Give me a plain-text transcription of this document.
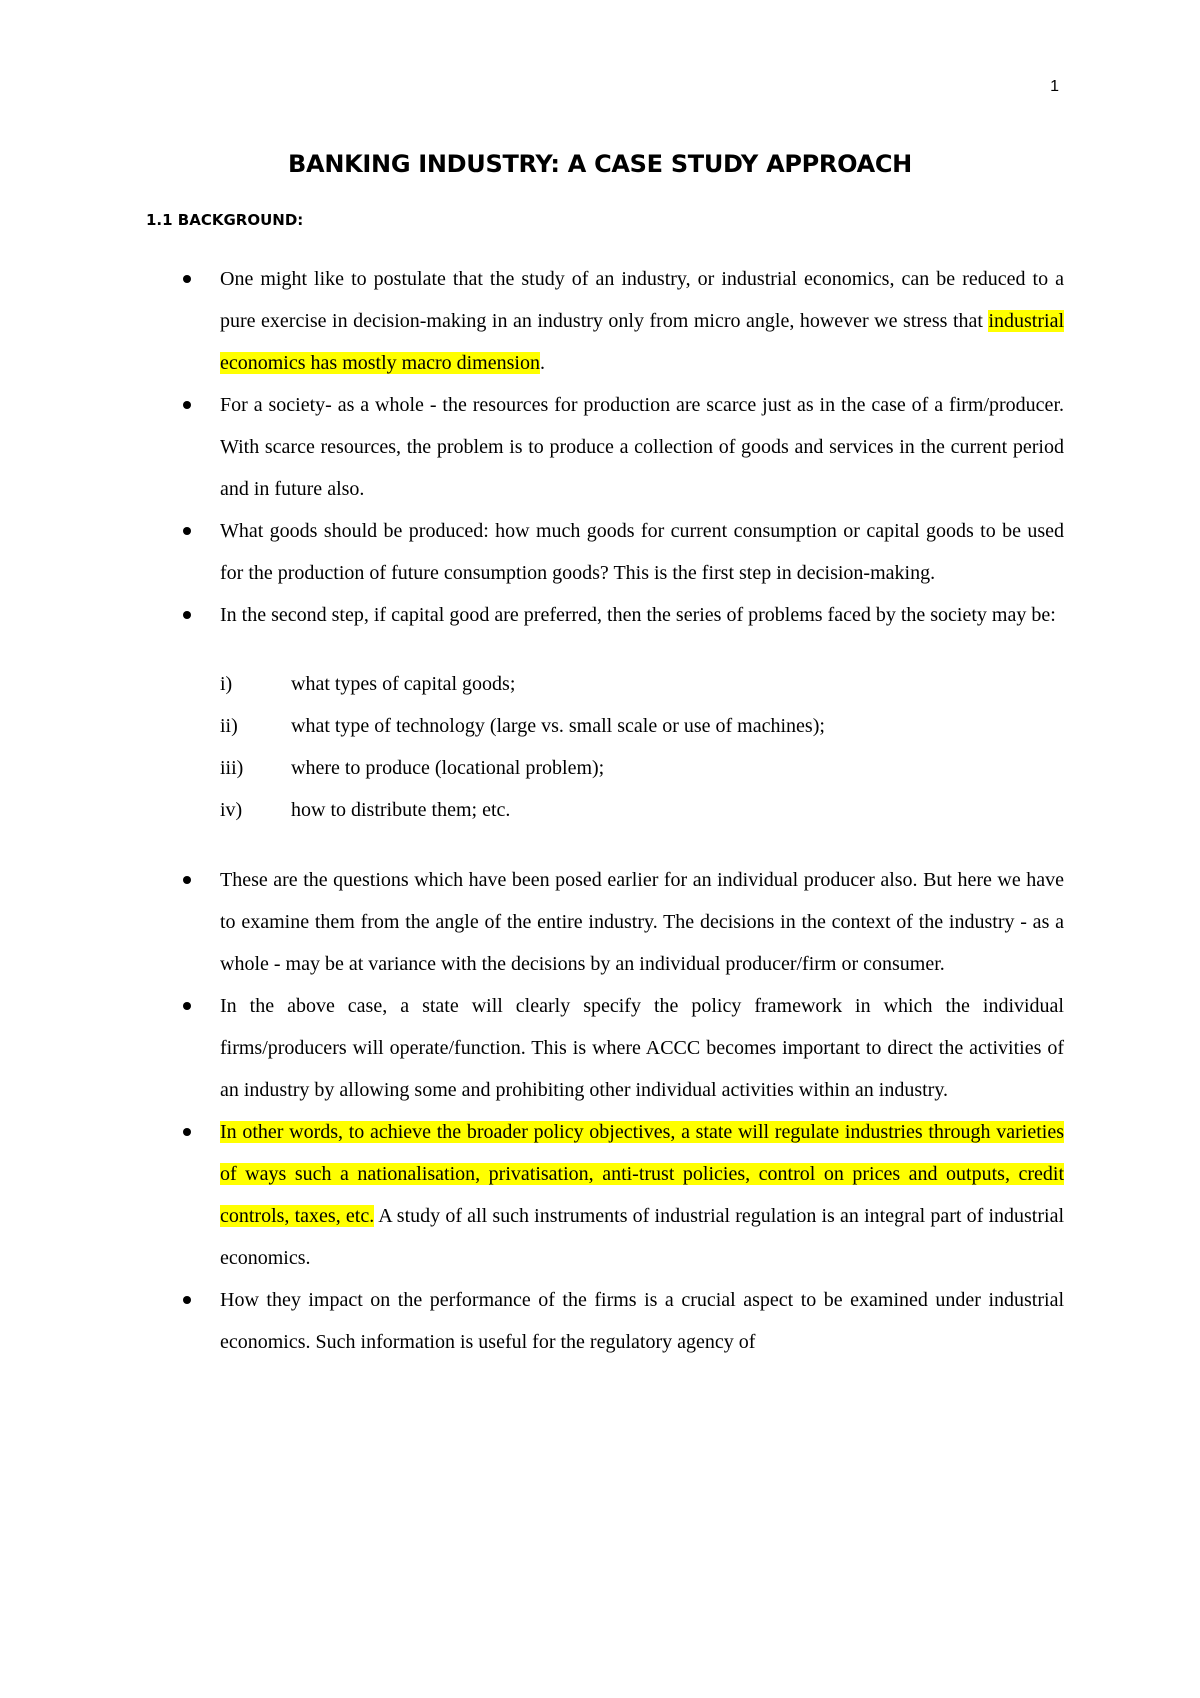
1
BANKING INDUSTRY: A CASE STUDY APPROACH
1.1 BACKGROUND:
One might like to postulate that the study of an industry, or industrial economics, can be reduced to a pure exercise in decision-making in an industry only from micro angle, however we stress that industrial economics has mostly macro dimension.
For a society- as a whole - the resources for production are scarce just as in the case of a firm/producer. With scarce resources, the problem is to produce a collection of goods and services in the current period and in future also.
What goods should be produced: how much goods for current consumption or capital goods to be used for the production of future consumption goods? This is the first step in decision-making.
In the second step, if capital good are preferred, then the series of problems faced by the society may be:
i)	what types of capital goods;
ii)	what type of technology (large vs. small scale or use of machines);
iii) where to produce (locational problem);
iv) how to distribute them; etc.
These are the questions which have been posed earlier for an individual producer also. But here we have to examine them from the angle of the entire industry. The decisions in the context of the industry - as a whole - may be at variance with the decisions by an individual producer/firm or consumer.
In the above case, a state will clearly specify the policy framework in which the individual firms/producers will operate/function. This is where ACCC becomes important to direct the activities of an industry by allowing some and prohibiting other individual activities within an industry.
In other words, to achieve the broader policy objectives, a state will regulate industries through varieties of ways such a nationalisation, privatisation, anti-trust policies, control on prices and outputs, credit controls, taxes, etc. A study of all such instruments of industrial regulation is an integral part of industrial economics.
How they impact on the performance of the firms is a crucial aspect to be examined under industrial economics. Such information is useful for the regulatory agency of
